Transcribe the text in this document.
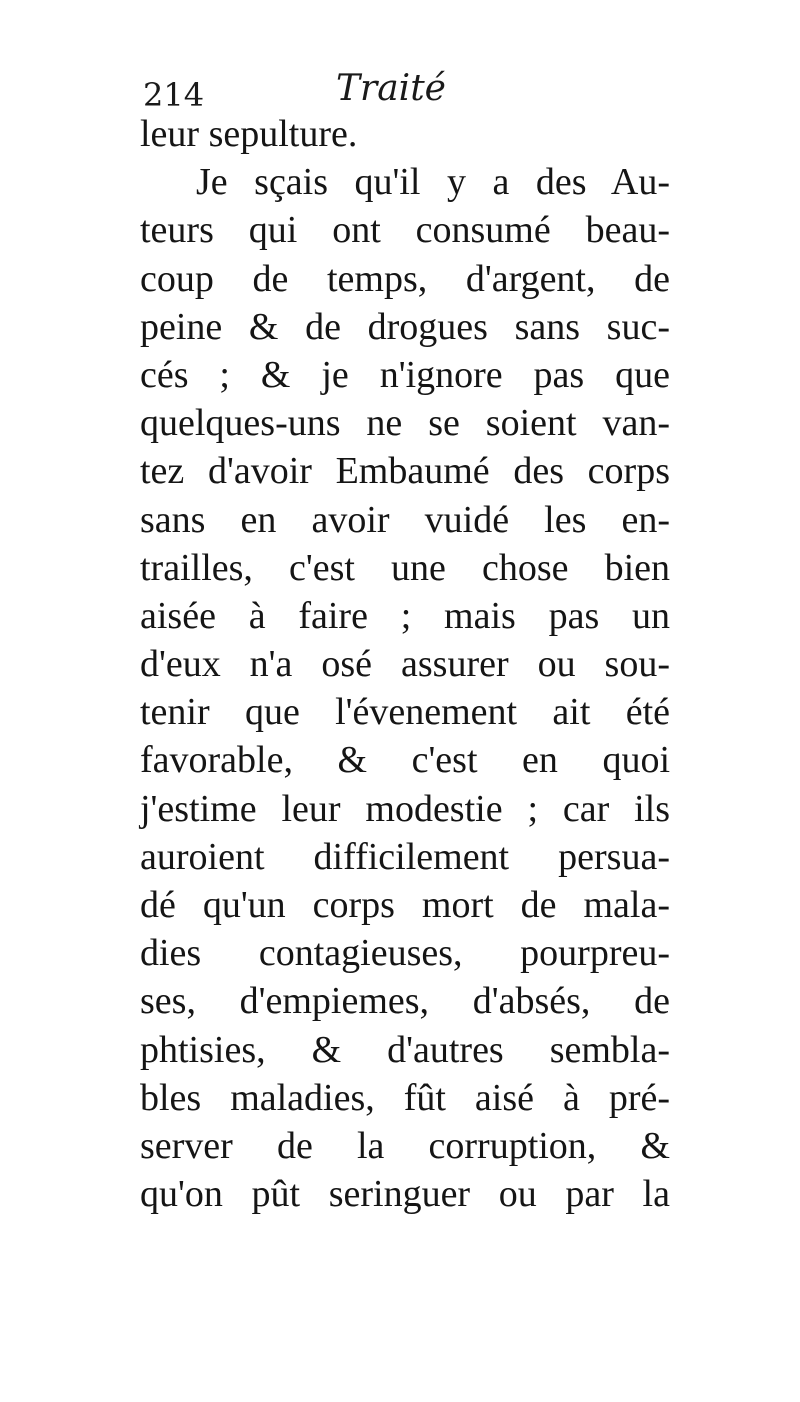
214	Traité
leur sepulture.
Je sçais qu'il y a des Au-
teurs qui ont consumé beau-
coup de temps, d'argent, de
peine & de drogues sans suc-
cés ; & je n'ignore pas que
quelques-uns ne se soient van-
tez d'avoir Embaumé des corps
sans en avoir vuidé les en-
trailles, c'est une chose bien
aisée à faire ; mais pas un
d'eux n'a osé assurer ou sou-
tenir que l'évenement ait été
favorable, & c'est en quoi
j'estime leur modestie ; car ils
auroient difficilement persua-
dé qu'un corps mort de mala-
dies contagieuses, pourpreu-
ses, d'empiemes, d'absés, de
phtisies, & d'autres sembla-
bles maladies, fût aisé à pré-
server de la corruption, &
qu'on pût seringuer ou par la
